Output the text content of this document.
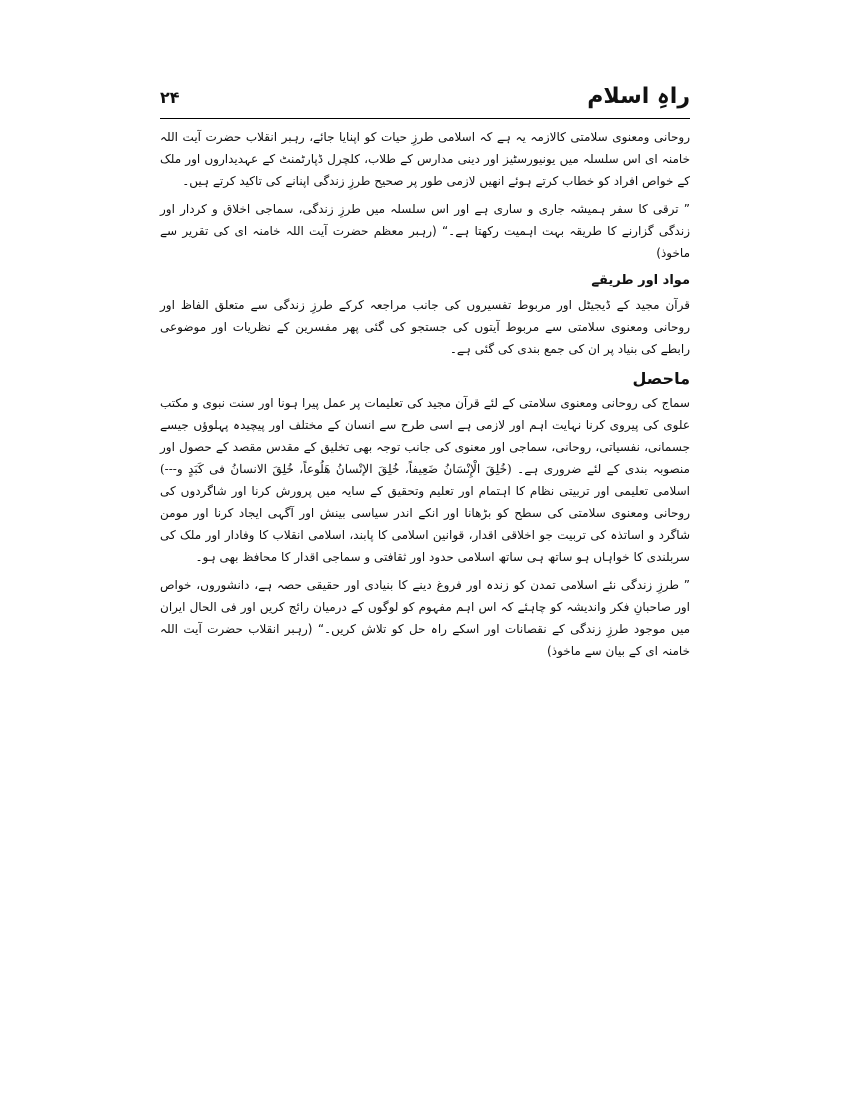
راہِ اسلام
۲۴

روحانی ومعنوی سلامتی کالازمہ یہ ہے کہ اسلامی طرزِ حیات کو اپنایا جائے، رہبر انقلاب حضرت آیت اللہ خامنہ ای اس سلسلہ میں یونیورسٹیز اور دینی مدارس کے طلاب، کلچرل ڈپارٹمنٹ کے عہدیداروں اور ملک کے خواص افراد کو خطاب کرتے ہوئے انھیں لازمی طور پر صحیح طرزِ زندگی اپنانے کی تاکید کرتے ہیں۔

” ترقی کا سفر ہمیشہ جاری و ساری ہے اور اس سلسلہ میں طرزِ زندگی، سماجی اخلاق و کردار اور زندگی گزارنے کا طریقہ بہت اہمیت رکھتا ہے۔“ (رہبر معظم حضرت آیت اللہ خامنہ ای کی تقریر سے ماخوذ)

مواد اور طریقے

قرآن مجید کے ڈیجیٹل اور مربوط تفسیروں کی جانب مراجعہ کرکے طرزِ زندگی سے متعلق الفاظ اور روحانی ومعنوی سلامتی سے مربوط آیتوں کی جستجو کی گئی پھر مفسرین کے نظریات اور موضوعی رابطے کی بنیاد پر ان کی جمع بندی کی گئی ہے۔

ماحصل

سماج کی روحانی ومعنوی سلامتی کے لئے قرآن مجید کی تعلیمات پر عمل پیرا ہونا اور سنت نبوی و مکتب علوی کی پیروی کرنا نہایت اہم اور لازمی ہے اسی طرح سے انسان کے مختلف اور پیچیدہ پہلوؤں جیسے جسمانی، نفسیاتی، روحانی، سماجی اور معنوی کی جانب توجہ بھی تخلیق کے مقدس مقصد کے حصول اور منصوبہ بندی کے لئے ضروری ہے۔ (خُلِقَ الْإِنْسَانُ ضَعِيفاً، خُلِقَ الإنْسانُ هَلُوعاً، خُلِقَ الانسانُ فی کَبَدٍ و---) اسلامی تعلیمی اور تربیتی نظام کا اہتمام اور تعلیم وتحقیق کے سایہ میں پرورش کرنا اور شاگردوں کی روحانی ومعنوی سلامتی کی سطح کو بڑھانا اور انکے اندر سیاسی بینش اور آگہی ایجاد کرنا اور مومن شاگرد و اساتذہ کی تربیت جو اخلاقی اقدار، قوانین اسلامی کا پابند، اسلامی انقلاب کا وفادار اور ملک کی سربلندی کا خواہاں ہو ساتھ ہی ساتھ اسلامی حدود اور ثقافتی و سماجی اقدار کا محافظ بھی ہو۔

” طرزِ زندگی نئے اسلامی تمدن کو زندہ اور فروغ دینے کا بنیادی اور حقیقی حصہ ہے، دانشوروں، خواص اور صاحبانِ فکر واندیشہ کو چاہئے کہ اس اہم مفہوم کو لوگوں کے درمیان رائج کریں اور فی الحال ایران میں موجود طرزِ زندگی کے نقصانات اور اسکے راہ حل کو تلاش کریں۔“ (رہبر انقلاب حضرت آیت اللہ خامنہ ای کے بیان سے ماخوذ)
